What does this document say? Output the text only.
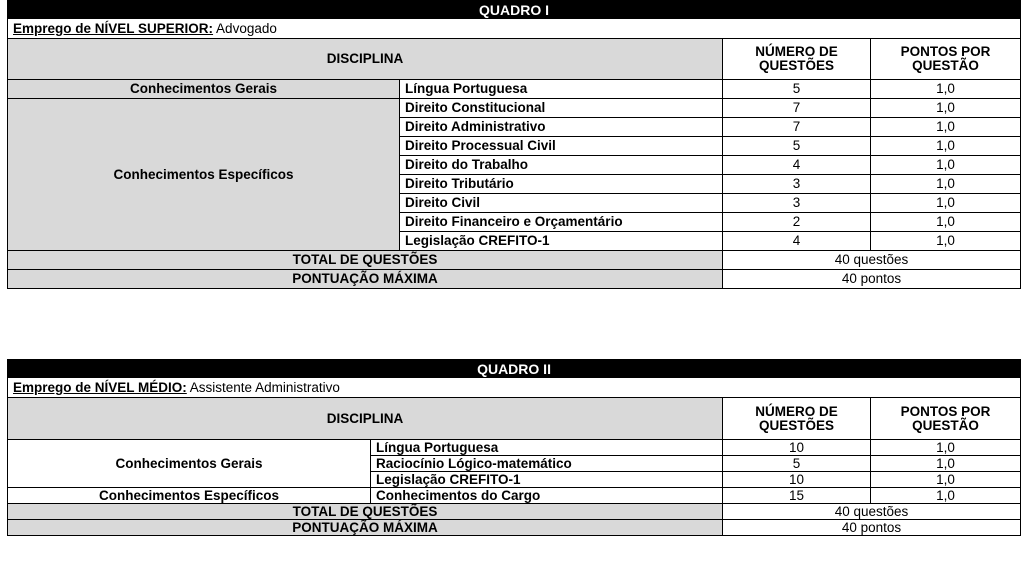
QUADRO I			
Emprego de NÍVEL SUPERIOR: Advogado			
DISCIPLINA		NÚMERO DE QUESTÕES	PONTOS POR QUESTÃO
Conhecimentos Gerais	Língua Portuguesa	5	1,0
Conhecimentos Específicos	Direito Constitucional	7	1,0
	Direito Administrativo	7	1,0
	Direito Processual Civil	5	1,0
	Direito do Trabalho	4	1,0
	Direito Tributário	3	1,0
	Direito Civil	3	1,0
	Direito Financeiro e Orçamentário	2	1,0
	Legislação CREFITO-1	4	1,0
TOTAL DE QUESTÕES		40 questões	
PONTUAÇÃO MÁXIMA		40 pontos	
QUADRO II			
Emprego de NÍVEL MÉDIO: Assistente Administrativo			
DISCIPLINA		NÚMERO DE QUESTÕES	PONTOS POR QUESTÃO
Conhecimentos Gerais	Língua Portuguesa	10	1,0
	Raciocínio Lógico-matemático	5	1,0
	Legislação CREFITO-1	10	1,0
Conhecimentos Específicos	Conhecimentos do Cargo	15	1,0
TOTAL DE QUESTÕES		40 questões	
PONTUAÇÃO MÁXIMA		40 pontos	
